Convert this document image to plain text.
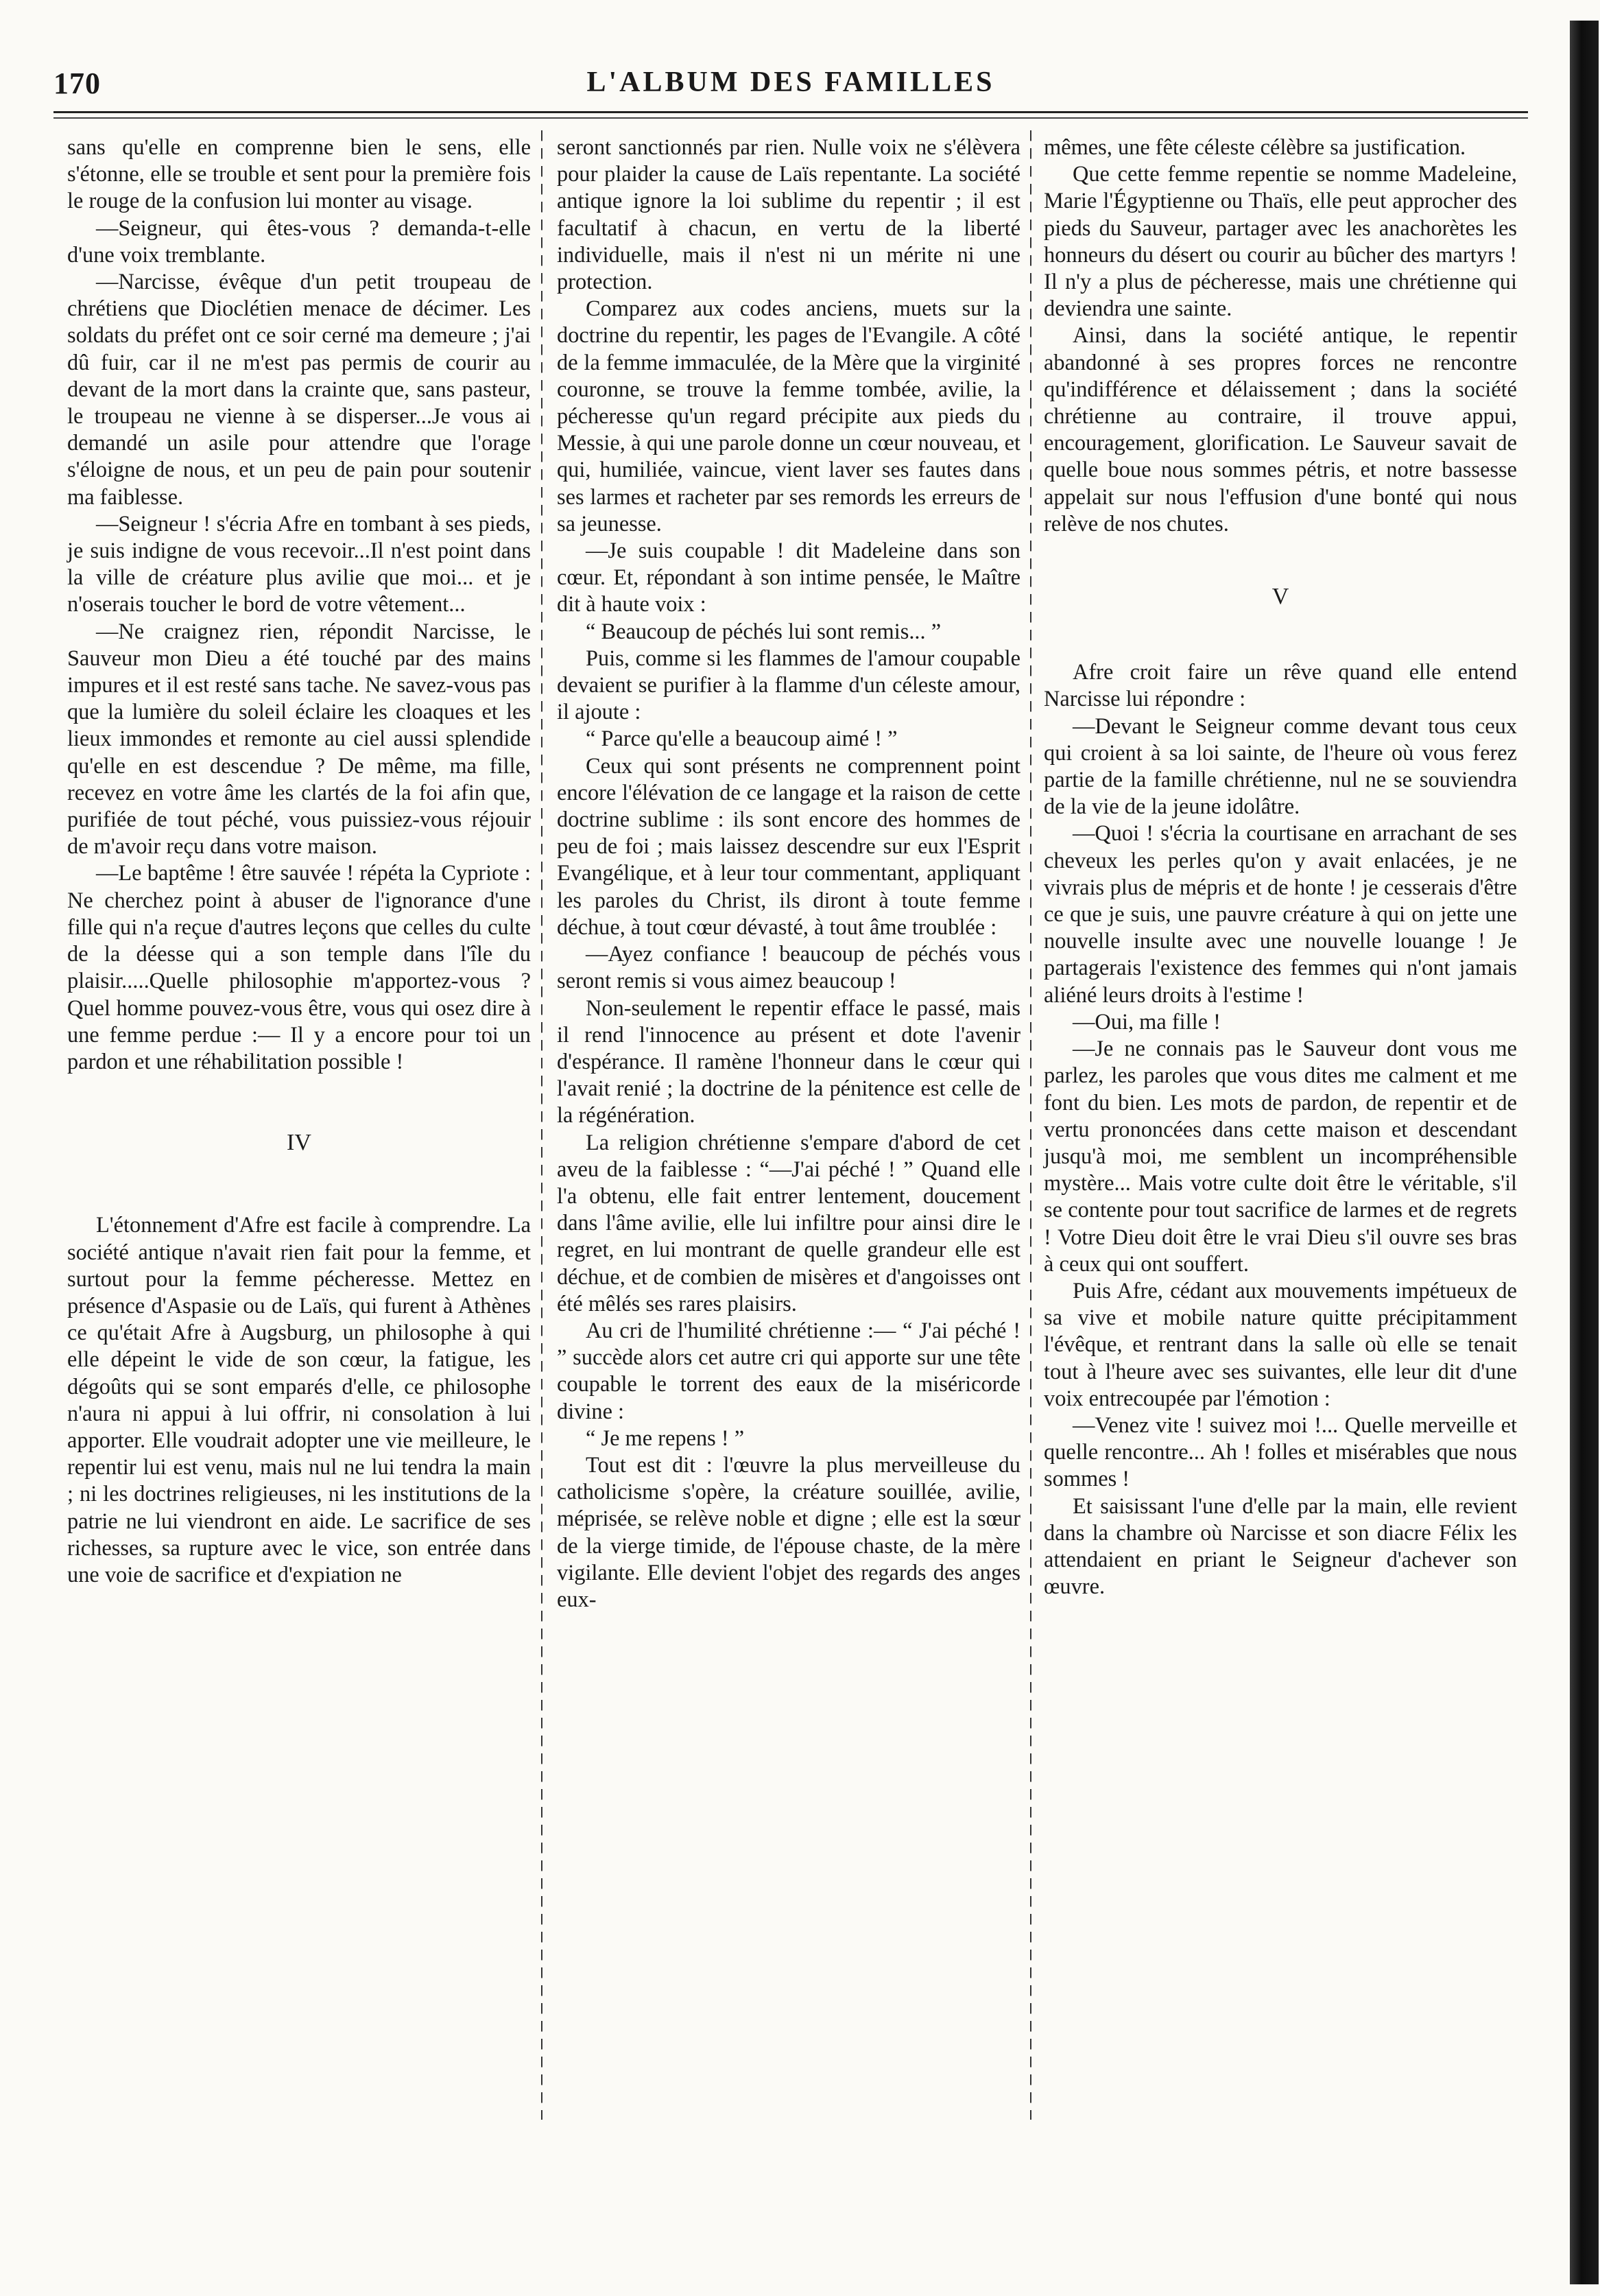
170	L'ALBUM DES FAMILLES

sans qu'elle en comprenne bien le sens, elle s'étonne, elle se trouble et sent pour la première fois le rouge de la confusion lui monter au visage.

—Seigneur, qui êtes-vous ? demanda-t-elle d'une voix tremblante.

—Narcisse, évêque d'un petit troupeau de chrétiens que Dioclétien menace de décimer. Les soldats du préfet ont ce soir cerné ma demeure ; j'ai dû fuir, car il ne m'est pas permis de courir au devant de la mort dans la crainte que, sans pasteur, le troupeau ne vienne à se disperser...Je vous ai demandé un asile pour attendre que l'orage s'éloigne de nous, et un peu de pain pour soutenir ma faiblesse.

—Seigneur ! s'écria Afre en tombant à ses pieds, je suis indigne de vous recevoir...Il n'est point dans la ville de créature plus avilie que moi... et je n'oserais toucher le bord de votre vêtement...

—Ne craignez rien, répondit Narcisse, le Sauveur mon Dieu a été touché par des mains impures et il est resté sans tache. Ne savez-vous pas que la lumière du soleil éclaire les cloaques et les lieux immondes et remonte au ciel aussi splendide qu'elle en est descendue ? De même, ma fille, recevez en votre âme les clartés de la foi afin que, purifiée de tout péché, vous puissiez-vous réjouir de m'avoir reçu dans votre maison.

—Le baptême ! être sauvée ! répéta la Cypriote : Ne cherchez point à abuser de l'ignorance d'une fille qui n'a reçue d'autres leçons que celles du culte de la déesse qui a son temple dans l'île du plaisir.....Quelle philosophie m'apportez-vous ? Quel homme pouvez-vous être, vous qui osez dire à une femme perdue :— Il y a encore pour toi un pardon et une réhabilitation possible !

IV

L'étonnement d'Afre est facile à comprendre. La société antique n'avait rien fait pour la femme, et surtout pour la femme pécheresse. Mettez en présence d'Aspasie ou de Laïs, qui furent à Athènes ce qu'était Afre à Augsburg, un philosophe à qui elle dépeint le vide de son cœur, la fatigue, les dégoûts qui se sont emparés d'elle, ce philosophe n'aura ni appui à lui offrir, ni consolation à lui apporter. Elle voudrait adopter une vie meilleure, le repentir lui est venu, mais nul ne lui tendra la main ; ni les doctrines religieuses, ni les institutions de la patrie ne lui viendront en aide. Le sacrifice de ses richesses, sa rupture avec le vice, son entrée dans une voie de sacrifice et d'expiation ne

seront sanctionnés par rien. Nulle voix ne s'élèvera pour plaider la cause de Laïs repentante. La société antique ignore la loi sublime du repentir ; il est facultatif à chacun, en vertu de la liberté individuelle, mais il n'est ni un mérite ni une protection.

Comparez aux codes anciens, muets sur la doctrine du repentir, les pages de l'Evangile. A côté de la femme immaculée, de la Mère que la virginité couronne, se trouve la femme tombée, avilie, la pécheresse qu'un regard précipite aux pieds du Messie, à qui une parole donne un cœur nouveau, et qui, humiliée, vaincue, vient laver ses fautes dans ses larmes et racheter par ses remords les erreurs de sa jeunesse.

—Je suis coupable ! dit Madeleine dans son cœur. Et, répondant à son intime pensée, le Maître dit à haute voix :

“ Beaucoup de péchés lui sont remis... ”

Puis, comme si les flammes de l'amour coupable devaient se purifier à la flamme d'un céleste amour, il ajoute :

“ Parce qu'elle a beaucoup aimé ! ”

Ceux qui sont présents ne comprennent point encore l'élévation de ce langage et la raison de cette doctrine sublime : ils sont encore des hommes de peu de foi ; mais laissez descendre sur eux l'Esprit Evangélique, et à leur tour commentant, appliquant les paroles du Christ, ils diront à toute femme déchue, à tout cœur dévasté, à tout âme troublée :

—Ayez confiance ! beaucoup de péchés vous seront remis si vous aimez beaucoup !

Non-seulement le repentir efface le passé, mais il rend l'innocence au présent et dote l'avenir d'espérance. Il ramène l'honneur dans le cœur qui l'avait renié ; la doctrine de la pénitence est celle de la régénération.

La religion chrétienne s'empare d'abord de cet aveu de la faiblesse : “—J'ai péché ! ” Quand elle l'a obtenu, elle fait entrer lentement, doucement dans l'âme avilie, elle lui infiltre pour ainsi dire le regret, en lui montrant de quelle grandeur elle est déchue, et de combien de misères et d'angoisses ont été mêlés ses rares plaisirs.

Au cri de l'humilité chrétienne :— “ J'ai péché ! ” succède alors cet autre cri qui apporte sur une tête coupable le torrent des eaux de la miséricorde divine :

“ Je me repens ! ”

Tout est dit : l'œuvre la plus merveilleuse du catholicisme s'opère, la créature souillée, avilie, méprisée, se relève noble et digne ; elle est la sœur de la vierge timide, de l'épouse chaste, de la mère vigilante. Elle devient l'objet des regards des anges eux-

mêmes, une fête céleste célèbre sa justification.

Que cette femme repentie se nomme Madeleine, Marie l'Égyptienne ou Thaïs, elle peut approcher des pieds du Sauveur, partager avec les anachorètes les honneurs du désert ou courir au bûcher des martyrs ! Il n'y a plus de pécheresse, mais une chrétienne qui deviendra une sainte.

Ainsi, dans la société antique, le repentir abandonné à ses propres forces ne rencontre qu'indifférence et délaissement ; dans la société chrétienne au contraire, il trouve appui, encouragement, glorification. Le Sauveur savait de quelle boue nous sommes pétris, et notre bassesse appelait sur nous l'effusion d'une bonté qui nous relève de nos chutes.

V

Afre croit faire un rêve quand elle entend Narcisse lui répondre :

—Devant le Seigneur comme devant tous ceux qui croient à sa loi sainte, de l'heure où vous ferez partie de la famille chrétienne, nul ne se souviendra de la vie de la jeune idolâtre.

—Quoi ! s'écria la courtisane en arrachant de ses cheveux les perles qu'on y avait enlacées, je ne vivrais plus de mépris et de honte ! je cesserais d'être ce que je suis, une pauvre créature à qui on jette une nouvelle insulte avec une nouvelle louange ! Je partagerais l'existence des femmes qui n'ont jamais aliéné leurs droits à l'estime !

—Oui, ma fille !

—Je ne connais pas le Sauveur dont vous me parlez, les paroles que vous dites me calment et me font du bien. Les mots de pardon, de repentir et de vertu prononcées dans cette maison et descendant jusqu'à moi, me semblent un incompréhensible mystère... Mais votre culte doit être le véritable, s'il se contente pour tout sacrifice de larmes et de regrets ! Votre Dieu doit être le vrai Dieu s'il ouvre ses bras à ceux qui ont souffert.

Puis Afre, cédant aux mouvements impétueux de sa vive et mobile nature quitte précipitamment l'évêque, et rentrant dans la salle où elle se tenait tout à l'heure avec ses suivantes, elle leur dit d'une voix entrecoupée par l'émotion :

—Venez vite ! suivez moi !... Quelle merveille et quelle rencontre... Ah ! folles et misérables que nous sommes !

Et saisissant l'une d'elle par la main, elle revient dans la chambre où Narcisse et son diacre Félix les attendaient en priant le Seigneur d'achever son œuvre.
